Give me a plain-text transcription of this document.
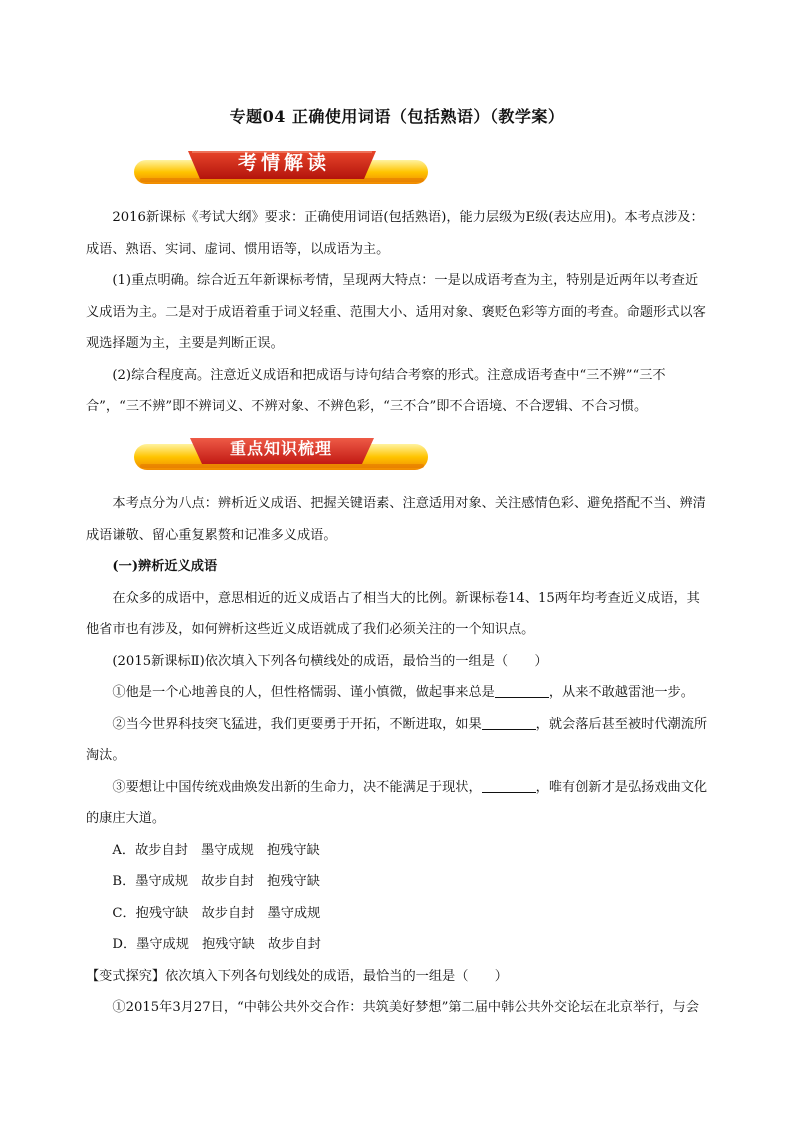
专题04 正确使用词语（包括熟语）（教学案）
考情解读

2016新课标《考试大纲》要求：正确使用词语(包括熟语)，能力层级为E级(表达应用)。本考点涉及：成语、熟语、实词、虚词、惯用语等，以成语为主。

(1)重点明确。综合近五年新课标考情，呈现两大特点：一是以成语考查为主，特别是近两年以考查近义成语为主。二是对于成语着重于词义轻重、范围大小、适用对象、褒贬色彩等方面的考查。命题形式以客观选择题为主，主要是判断正误。

(2)综合程度高。注意近义成语和把成语与诗句结合考察的形式。注意成语考查中“三不辨”“三不合”，“三不辨”即不辨词义、不辨对象、不辨色彩，“三不合”即不合语境、不合逻辑、不合习惯。

重点知识梳理

本考点分为八点：辨析近义成语、把握关键语素、注意适用对象、关注感情色彩、避免搭配不当、辨清成语谦敬、留心重复累赘和记准多义成语。

(一)辨析近义成语

在众多的成语中，意思相近的近义成语占了相当大的比例。新课标卷14、15两年均考查近义成语，其他省市也有涉及，如何辨析这些近义成语就成了我们必须关注的一个知识点。

(2015新课标Ⅱ)依次填入下列各句横线处的成语，最恰当的一组是（　　）

①他是一个心地善良的人，但性格懦弱、谨小慎微，做起事来总是	，从来不敢越雷池一步。

②当今世界科技突飞猛进，我们更要勇于开拓，不断进取，如果	，就会落后甚至被时代潮流所淘汰。

③要想让中国传统戏曲焕发出新的生命力，决不能满足于现状，	，唯有创新才是弘扬戏曲文化的康庄大道。

A．故步自封　墨守成规　抱残守缺

B．墨守成规　故步自封　抱残守缺

C．抱残守缺　故步自封　墨守成规

D．墨守成规　抱残守缺　故步自封

【变式探究】依次填入下列各句划线处的成语，最恰当的一组是（　　）

①2015年3月27日，“中韩公共外交合作：共筑美好梦想”第二届中韩公共外交论坛在北京举行，与会
